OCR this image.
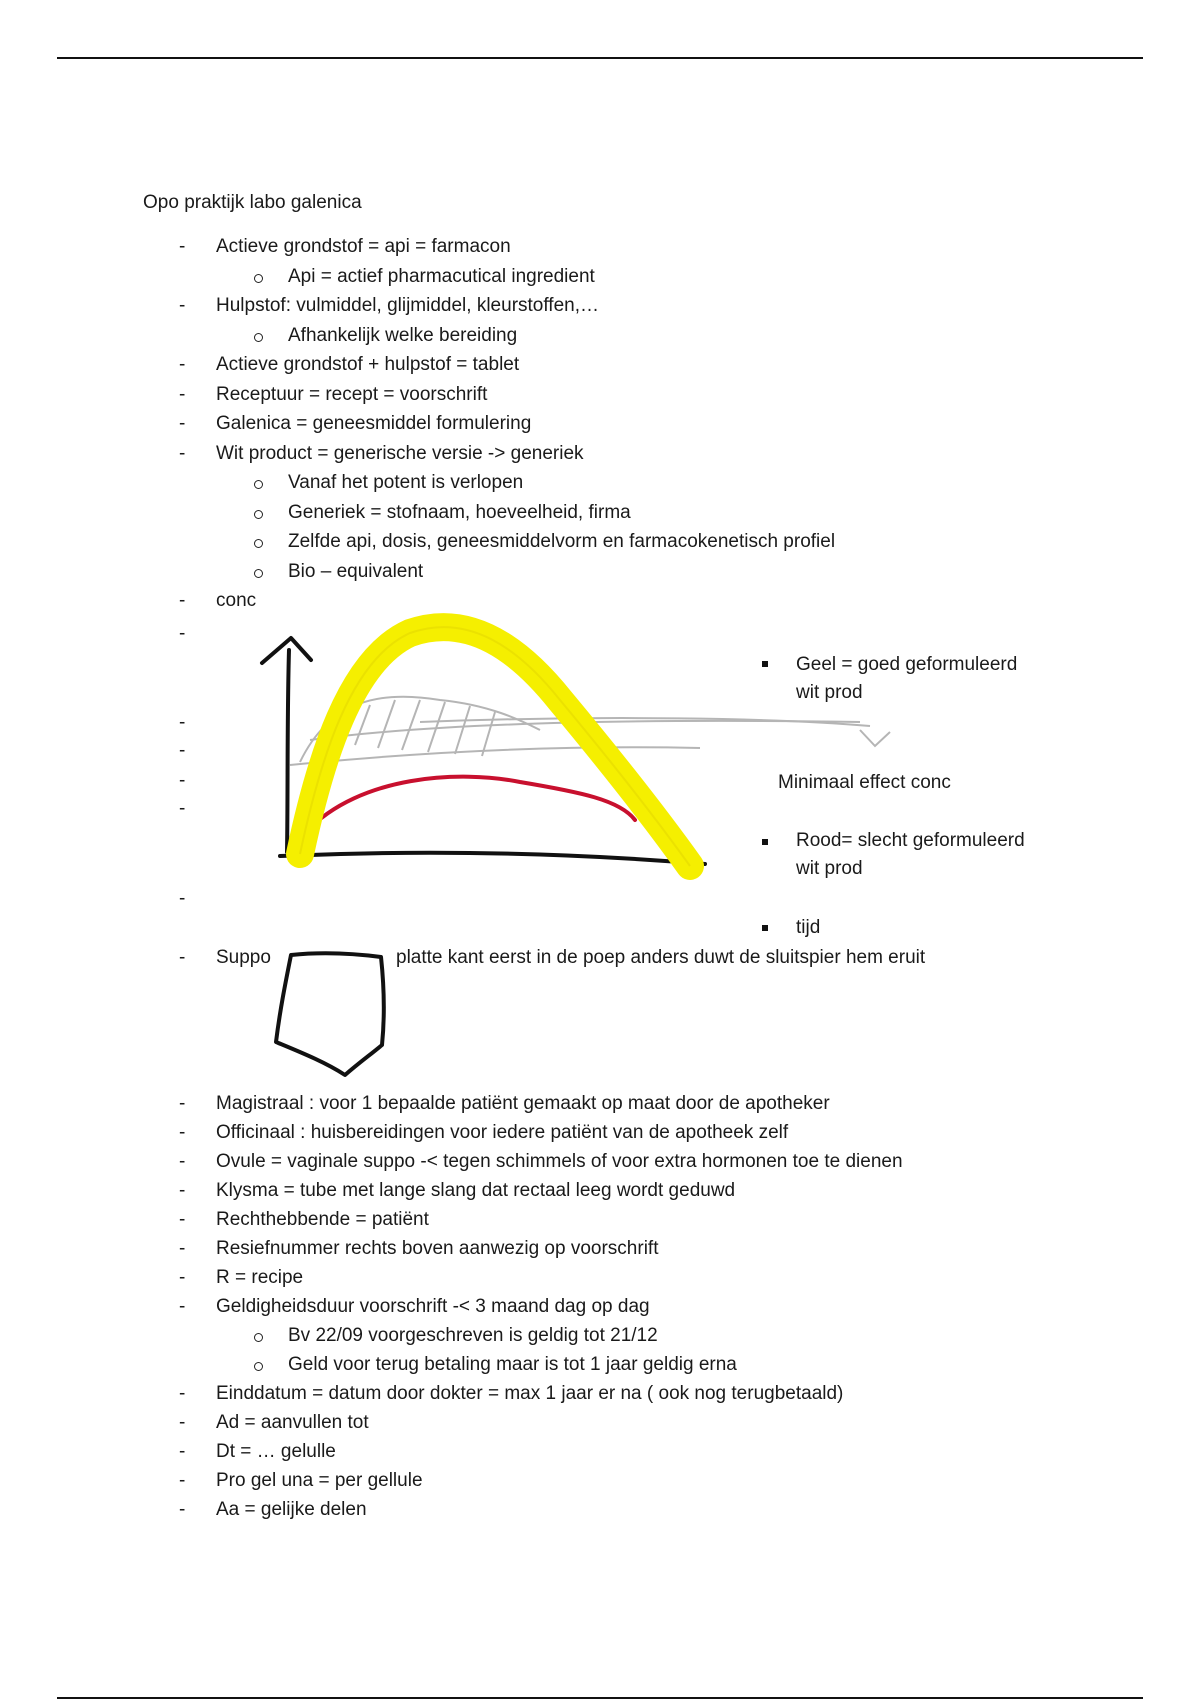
Opo praktijk labo galenica
- Actieve grondstof = api = farmacon
Api = actief pharmacutical ingredient
- Hulpstof: vulmiddel, glijmiddel, kleurstoffen,…
Afhankelijk welke bereiding
- Actieve grondstof + hulpstof = tablet
- Receptuur = recept = voorschrift
- Galenica = geneesmiddel formulering
- Wit product = generische versie -> generiek
Vanaf het potent is verlopen
Generiek = stofnaam, hoeveelheid, firma
Zelfde api, dosis, geneesmiddelvorm en farmacokenetisch profiel
Bio – equivalent
- conc
-
-
-
-
-
-
Geel = goed geformuleerd
wit prod
Minimaal effect conc
Rood= slecht geformuleerd
wit prod
tijd
- Suppo	platte kant eerst in de poep anders duwt de sluitspier hem eruit
- Magistraal : voor 1 bepaalde patiënt gemaakt op maat door de apotheker
- Officinaal : huisbereidingen voor iedere patiënt van de apotheek zelf
- Ovule = vaginale suppo -< tegen schimmels of voor extra hormonen toe te dienen
- Klysma = tube met lange slang dat rectaal leeg wordt geduwd
- Rechthebbende = patiënt
- Resiefnummer rechts boven aanwezig op voorschrift
- R = recipe
- Geldigheidsduur voorschrift -< 3 maand dag op dag
Bv 22/09 voorgeschreven is geldig tot 21/12
Geld voor terug betaling maar is tot 1 jaar geldig erna
- Einddatum = datum door dokter = max 1 jaar er na ( ook nog terugbetaald)
- Ad = aanvullen tot
- Dt = … gelulle
- Pro gel una = per gellule
- Aa = gelijke delen
